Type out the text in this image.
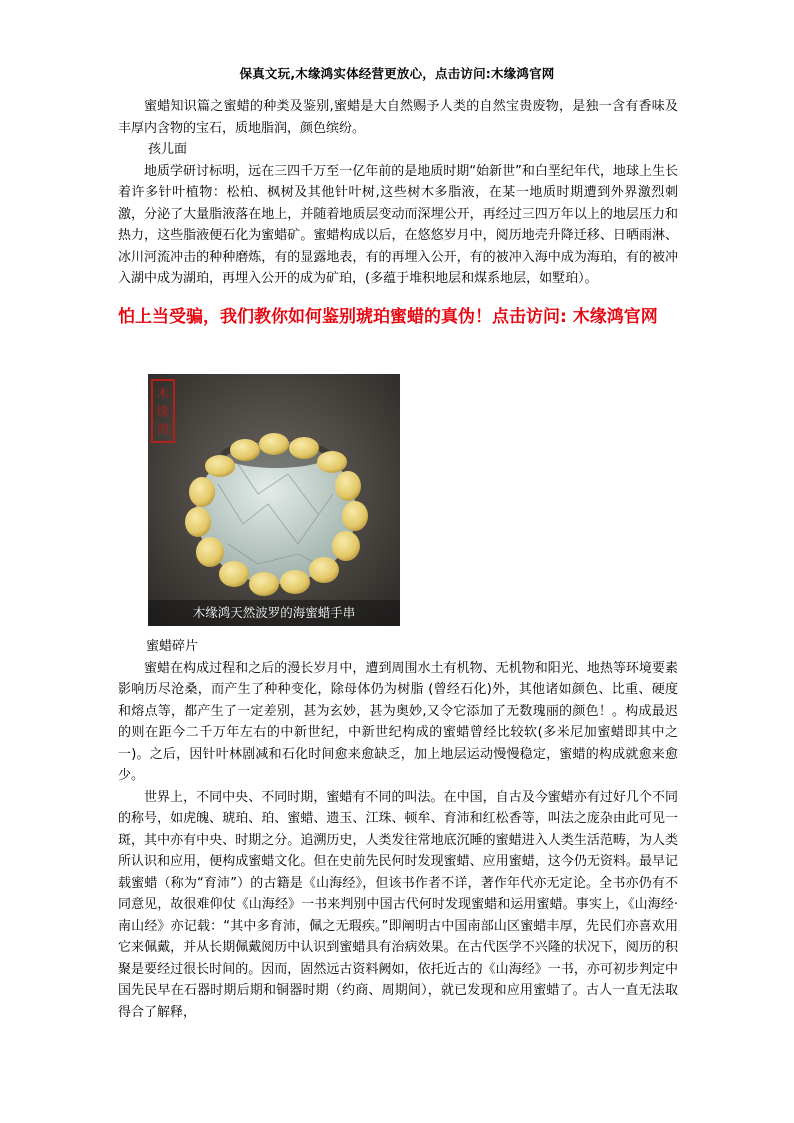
保真文玩,木缘鸿实体经营更放心，点击访问:木缘鸿官网

蜜蜡知识篇之蜜蜡的种类及鉴别,蜜蜡是大自然赐予人类的自然宝贵废物，是独一含有香味及丰厚内含物的宝石，质地脂润，颜色缤纷。

孩儿面

地质学研讨标明，远在三四千万至一亿年前的是地质时期“始新世”和白垩纪年代，地球上生长着许多针叶植物：松柏、枫树及其他针叶树,这些树木多脂液，在某一地质时期遭到外界激烈刺激，分泌了大量脂液落在地上，并随着地质层变动而深埋公开，再经过三四万年以上的地层压力和热力，这些脂液便石化为蜜蜡矿。蜜蜡构成以后，在悠悠岁月中，阅历地壳升降迁移、日晒雨淋、冰川河流冲击的种种磨炼，有的显露地表，有的再埋入公开，有的被冲入海中成为海珀，有的被冲入湖中成为湖珀，再埋入公开的成为矿珀，(多蕴于堆积地层和煤系地层，如墅珀）。

怕上当受骗，我们教你如何鉴别琥珀蜜蜡的真伪！点击访问: 木缘鸿官网
木
缘
鸿
木缘鸿天然波罗的海蜜蜡手串
蜜蜡碎片

蜜蜡在构成过程和之后的漫长岁月中，遭到周围水土有机物、无机物和阳光、地热等环境要素影响历尽沧桑，而产生了种种变化，除母体仍为树脂 (曾经石化)外，其他诸如颜色、比重、硬度和熔点等，都产生了一定差别，甚为玄妙，甚为奥妙,又令它添加了无数瑰丽的颜色！。构成最迟的则在距今二千万年左右的中新世纪，中新世纪构成的蜜蜡曾经比较软(多米尼加蜜蜡即其中之一)。之后，因针叶林剧减和石化时间愈来愈缺乏，加上地层运动慢慢稳定，蜜蜡的构成就愈来愈少。

世界上，不同中央、不同时期，蜜蜡有不同的叫法。在中国，自古及今蜜蜡亦有过好几个不同的称号，如虎魄、琥珀、珀、蜜蜡、遗玉、江珠、顿牟、育沛和红松香等，叫法之庞杂由此可见一斑，其中亦有中央、时期之分。追溯历史，人类发往常地底沉睡的蜜蜡进入人类生活范畴，为人类所认识和应用，便构成蜜蜡文化。但在史前先民何时发现蜜蜡、应用蜜蜡，这今仍无资料。最早记载蜜蜡（称为“育沛”）的古籍是《山海经》，但该书作者不详，著作年代亦无定论。全书亦仍有不同意见，故很难仰仗《山海经》一书来判别中国古代何时发现蜜蜡和运用蜜蜡。事实上，《山海经·南山经》亦记载：“其中多育沛，佩之无瑕疾。”即阐明古中国南部山区蜜蜡丰厚，先民们亦喜欢用它来佩戴，并从长期佩戴阅历中认识到蜜蜡具有治病效果。在古代医学不兴隆的状况下，阅历的积聚是要经过很长时间的。因而，固然远古资料阙如，依托近古的《山海经》一书，亦可初步判定中国先民早在石器时期后期和铜器时期（约商、周期间），就已发现和应用蜜蜡了。古人一直无法取得合了解释，
